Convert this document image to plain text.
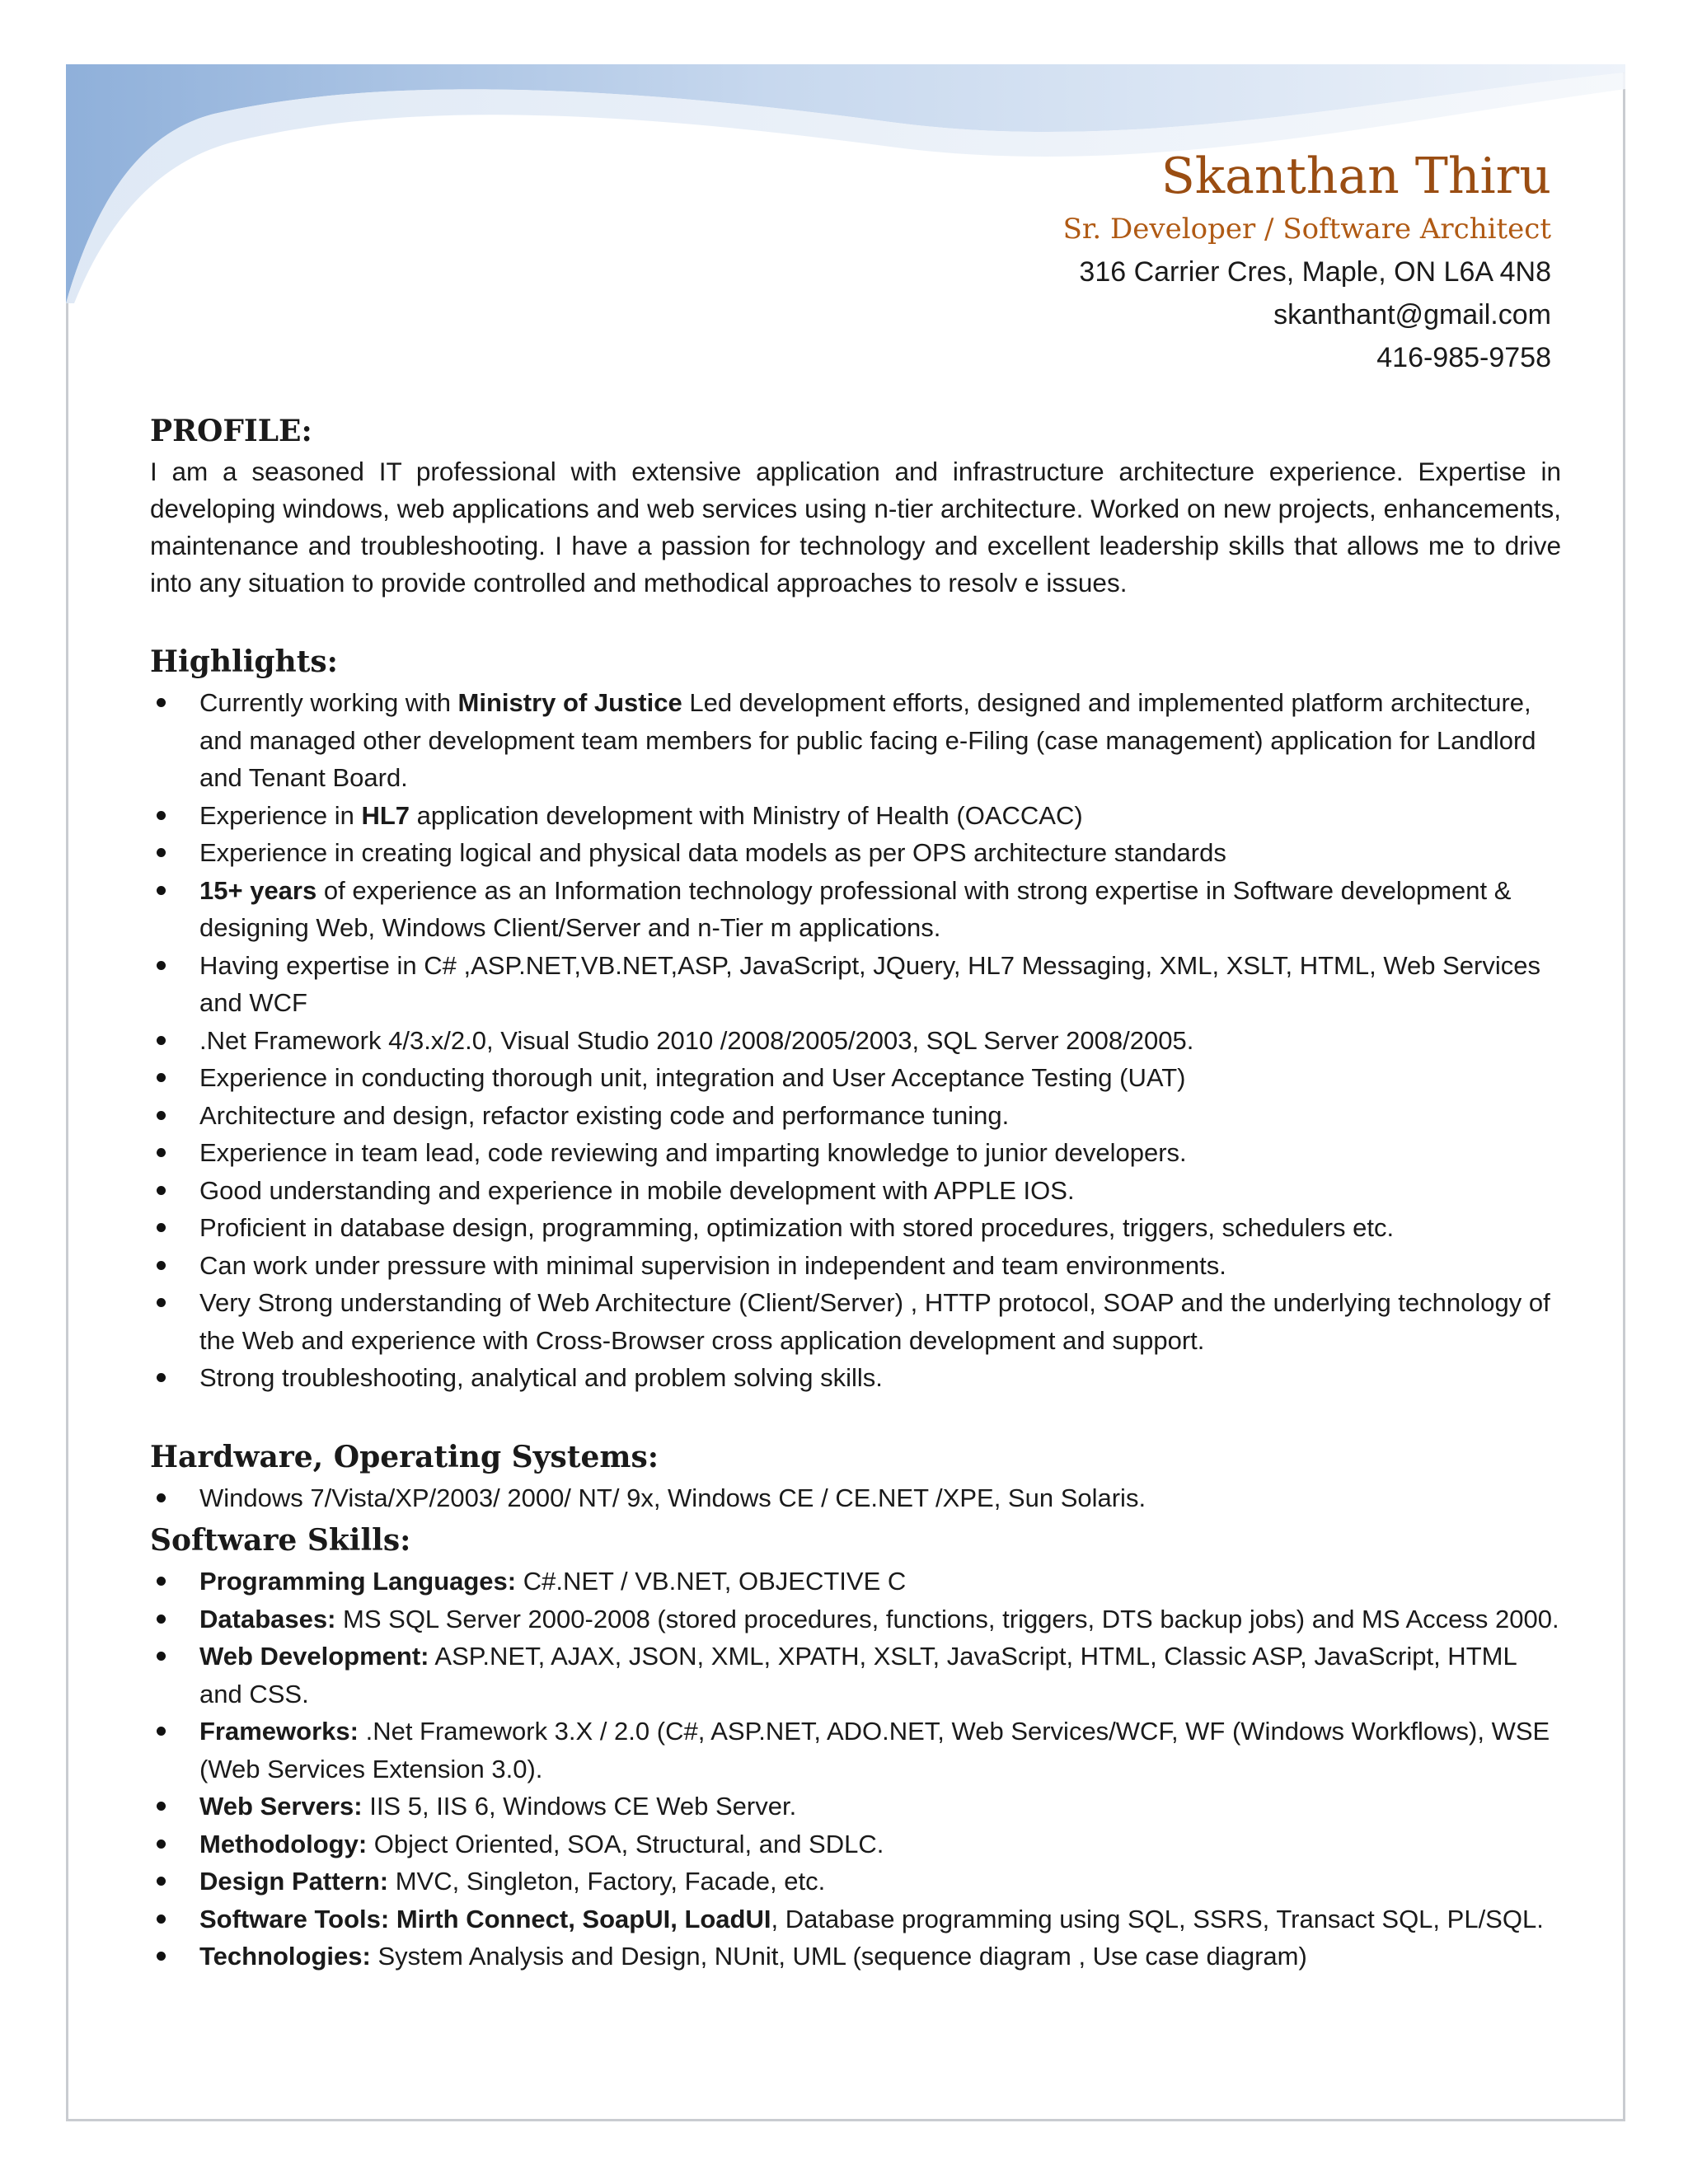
Skanthan Thiru
Sr. Developer / Software Architect
316 Carrier Cres, Maple, ON L6A 4N8
skanthant@gmail.com
416-985-9758
PROFILE:
I am a seasoned IT professional with extensive application and infrastructure architecture experience. Expertise in developing windows, web applications and web services using n-tier architecture. Worked on new projects, enhancements, maintenance and troubleshooting. I have a passion for technology and excellent leadership skills that allows me to drive into any situation to provide controlled and methodical approaches to resolv e issues.
Highlights:
Currently working with Ministry of Justice Led development efforts, designed and implemented platform architecture, and managed other development team members for public facing e-Filing (case management) application for Landlord and Tenant Board.
Experience in HL7 application development with Ministry of Health (OACCAC)
Experience in creating logical and physical data models as per OPS architecture standards
15+ years of experience as an Information technology professional with strong expertise in Software development & designing Web, Windows Client/Server and n-Tier m applications.
Having expertise in C# ,ASP.NET,VB.NET,ASP, JavaScript, JQuery, HL7 Messaging, XML, XSLT, HTML, Web Services and WCF
.Net Framework 4/3.x/2.0, Visual Studio 2010 /2008/2005/2003, SQL Server 2008/2005.
Experience in conducting thorough unit, integration and User Acceptance Testing (UAT)
Architecture and design, refactor existing code and performance tuning.
Experience in team lead, code reviewing and imparting knowledge to junior developers.
Good understanding and experience in mobile development with APPLE IOS.
Proficient in database design, programming, optimization with stored procedures, triggers, schedulers etc.
Can work under pressure with minimal supervision in independent and team environments.
Very Strong understanding of Web Architecture (Client/Server) , HTTP protocol, SOAP and the underlying technology of the Web and experience with Cross-Browser cross application development and support.
Strong troubleshooting, analytical and problem solving skills.
Hardware, Operating Systems:
Windows 7/Vista/XP/2003/ 2000/ NT/ 9x, Windows CE / CE.NET /XPE, Sun Solaris.
Software Skills:
Programming Languages: C#.NET / VB.NET, OBJECTIVE C
Databases: MS SQL Server 2000-2008 (stored procedures, functions, triggers, DTS backup jobs) and MS Access 2000.
Web Development: ASP.NET, AJAX, JSON, XML, XPATH, XSLT, JavaScript, HTML, Classic ASP, JavaScript, HTML and CSS.
Frameworks: .Net Framework 3.X / 2.0 (C#, ASP.NET, ADO.NET, Web Services/WCF, WF (Windows Workflows), WSE (Web Services Extension 3.0).
Web Servers: IIS 5, IIS 6, Windows CE Web Server.
Methodology: Object Oriented, SOA, Structural, and SDLC.
Design Pattern: MVC, Singleton, Factory, Facade, etc.
Software Tools: Mirth Connect, SoapUI, LoadUI, Database programming using SQL, SSRS, Transact SQL, PL/SQL.
Technologies: System Analysis and Design, NUnit, UML (sequence diagram , Use case diagram)
